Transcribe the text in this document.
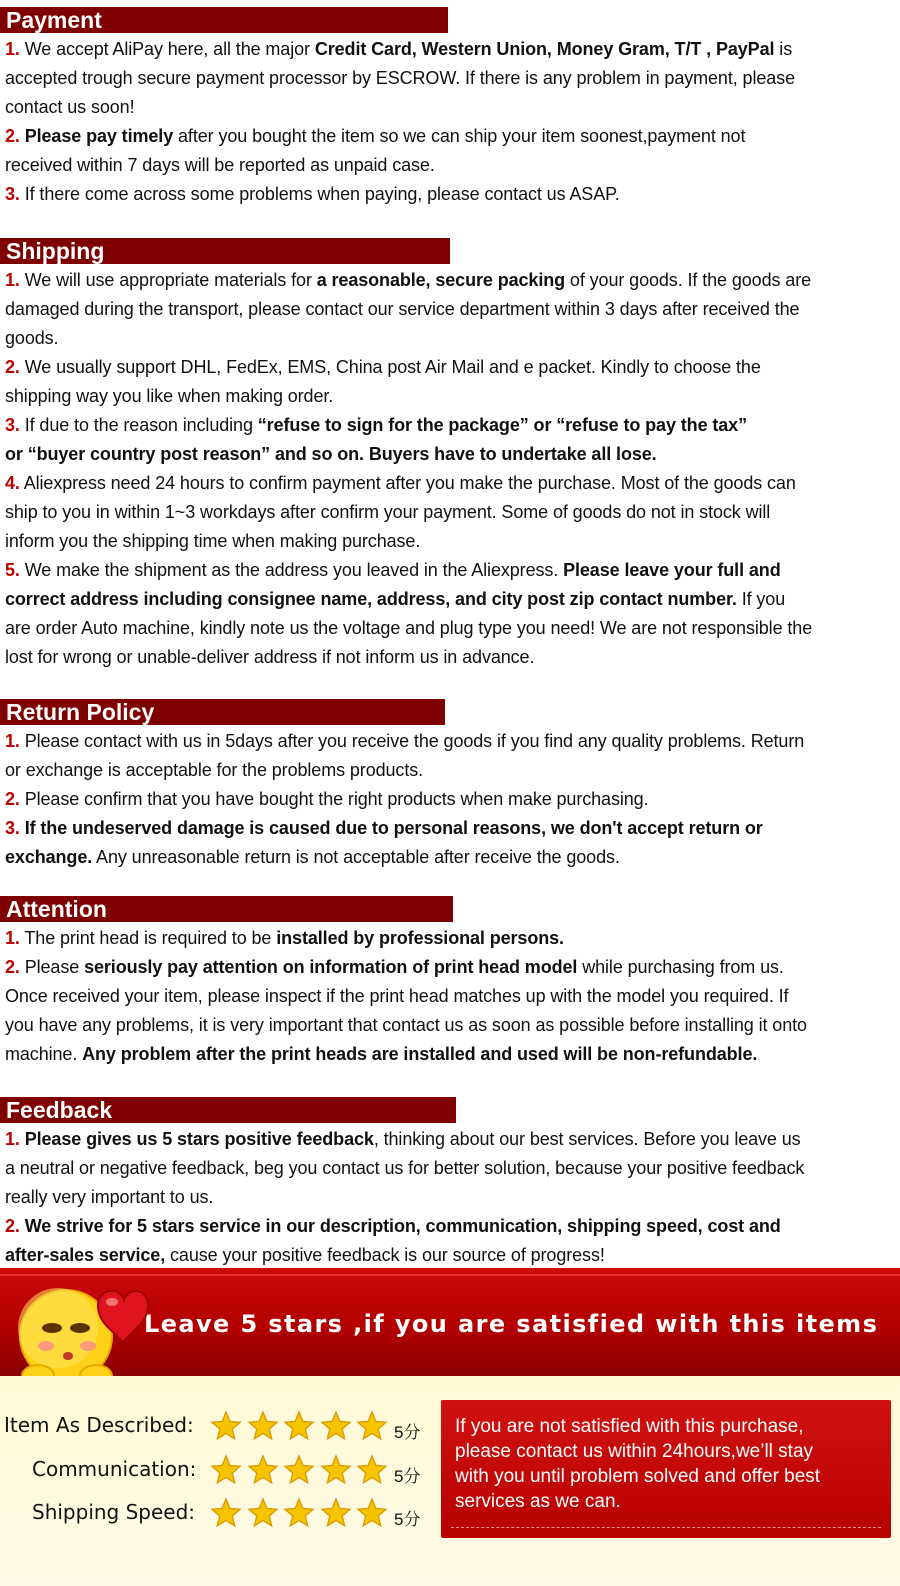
Payment

1. We accept AliPay here, all the major Credit Card, Western Union, Money Gram, T/T , PayPal is
accepted trough secure payment processor by ESCROW. If there is any problem in payment, please
contact us soon!

2. Please pay timely after you bought the item so we can ship your item soonest,payment not
received within 7 days will be reported as unpaid case.

3. If there come across some problems when paying, please contact us ASAP.

Shipping

1. We will use appropriate materials for a reasonable, secure packing of your goods. If the goods are
damaged during the transport, please contact our service department within 3 days after received the
goods.

2. We usually support DHL, FedEx, EMS, China post Air Mail and e packet. Kindly to choose the
shipping way you like when making order.

3. If due to the reason including “refuse to sign for the package” or “refuse to pay the tax”
or “buyer country post reason” and so on. Buyers have to undertake all lose.

4. Aliexpress need 24 hours to confirm payment after you make the purchase. Most of the goods can
ship to you in within 1~3 workdays after confirm your payment. Some of goods do not in stock will
inform you the shipping time when making purchase.

5. We make the shipment as the address you leaved in the Aliexpress. Please leave your full and
correct address including consignee name, address, and city post zip contact number. If you
are order Auto machine, kindly note us the voltage and plug type you need! We are not responsible the
lost for wrong or unable-deliver address if not inform us in advance.

Return Policy

1. Please contact with us in 5days after you receive the goods if you find any quality problems. Return
or exchange is acceptable for the problems products.

2. Please confirm that you have bought the right products when make purchasing.

3. If the undeserved damage is caused due to personal reasons, we don't accept return or
exchange. Any unreasonable return is not acceptable after receive the goods.

Attention

1. The print head is required to be installed by professional persons.

2. Please seriously pay attention on information of print head model while purchasing from us.
Once received your item, please inspect if the print head matches up with the model you required. If
you have any problems, it is very important that contact us as soon as possible before installing it onto
machine. Any problem after the print heads are installed and used will be non-refundable.

Feedback

1. Please gives us 5 stars positive feedback, thinking about our best services. Before you leave us
a neutral or negative feedback, beg you contact us for better solution, because your positive feedback
really very important to us.

2. We strive for 5 stars service in our description, communication, shipping speed, cost and
after-sales service, cause your positive feedback is our source of progress!

Leave 5 stars ,if you are satisfied with this items
Item As Described:	5分
Communication:	5分
Shipping Speed:	5分
If you are not satisfied with this purchase,
please contact us within 24hours,we’ll stay
with you until problem solved and offer best
services as we can.
